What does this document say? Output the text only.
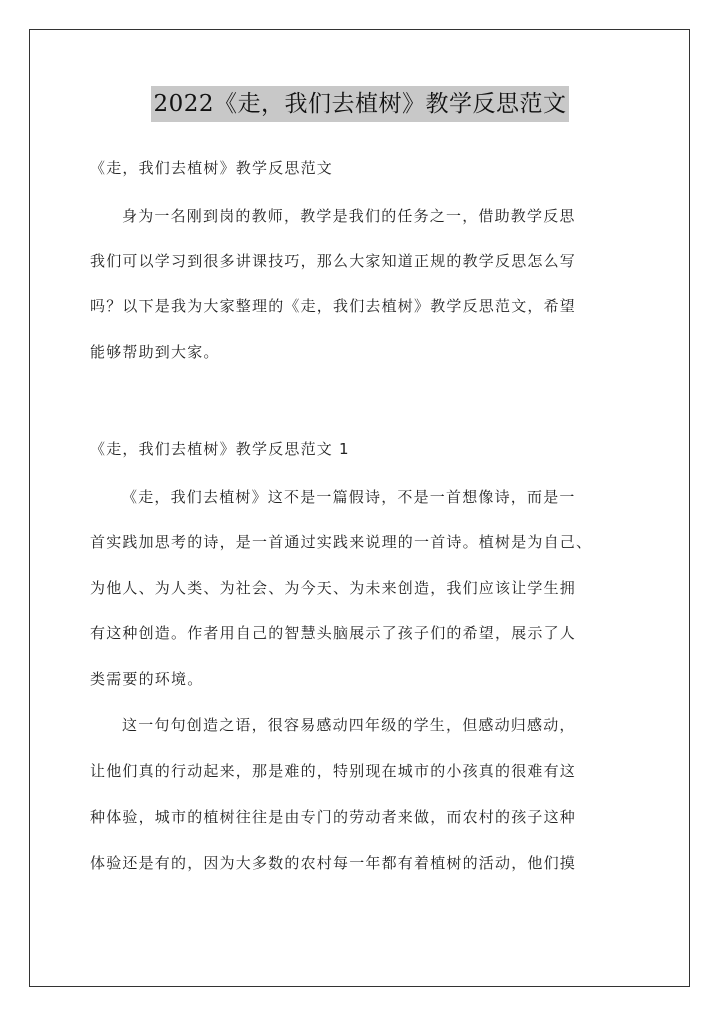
2022《走，我们去植树》教学反思范文
《走，我们去植树》教学反思范文
身为一名刚到岗的教师，教学是我们的任务之一，借助教学反思
我们可以学习到很多讲课技巧，那么大家知道正规的教学反思怎么写
吗？以下是我为大家整理的《走，我们去植树》教学反思范文，希望
能够帮助到大家。
《走，我们去植树》教学反思范文 1
《走，我们去植树》这不是一篇假诗，不是一首想像诗，而是一
首实践加思考的诗，是一首通过实践来说理的一首诗。植树是为自己、
为他人、为人类、为社会、为今天、为未来创造，我们应该让学生拥
有这种创造。作者用自己的智慧头脑展示了孩子们的希望，展示了人
类需要的环境。
这一句句创造之语，很容易感动四年级的学生，但感动归感动，
让他们真的行动起来，那是难的，特别现在城市的小孩真的很难有这
种体验，城市的植树往往是由专门的劳动者来做，而农村的孩子这种
体验还是有的，因为大多数的农村每一年都有着植树的活动，他们摸
